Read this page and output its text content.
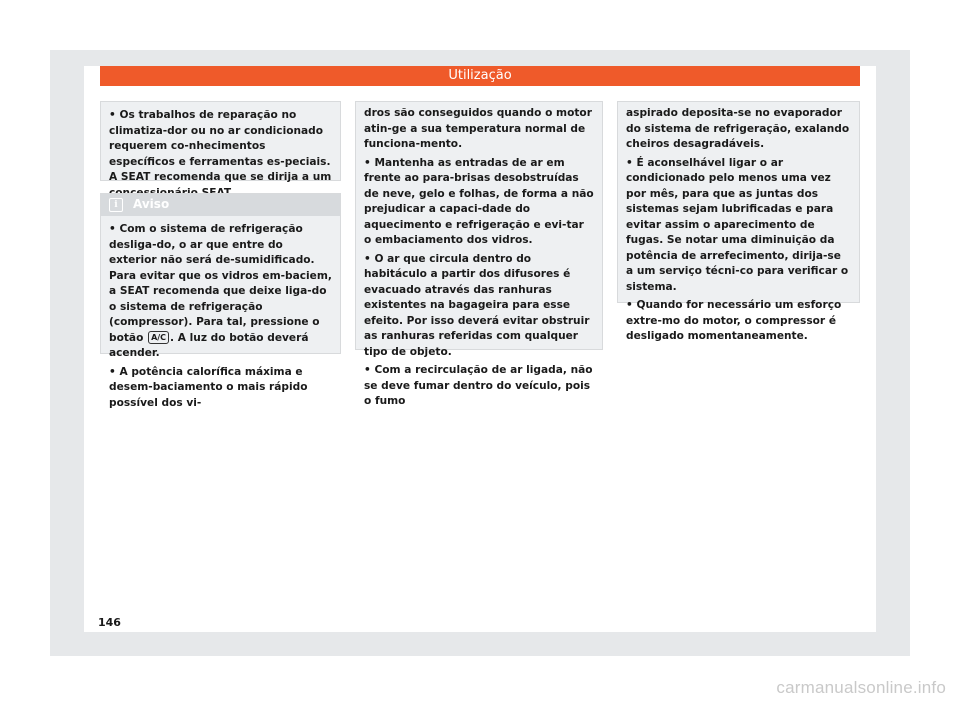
Utilização

• Os trabalhos de reparação no climatiza-dor ou no ar condicionado requerem co-nhecimentos específicos e ferramentas es-peciais. A SEAT recomenda que se dirija a um

i	Aviso

• Com o sistema de refrigeração desliga-do, o ar que entre do exterior não será de-sumidificado. Para evitar que os vidros em-baciem, a SEAT recomenda que deixe liga-do o sistema de refrigeração (compressor). Para tal, pressione o botão A/C . A luz do botão deverá acender.

• A potência calorífica máxima e desem-baciamento o mais rápido possível dos vi-

dros são conseguidos quando o motor atin-ge a sua temperatura normal de funciona-mento.

• Mantenha as entradas de ar em frente ao para-brisas desobstruídas de neve, gelo e folhas, de forma a não prejudicar a capaci-dade do aquecimento e refrigeração e evi-tar o embaciamento dos vidros.

• O ar que circula dentro do habitáculo a partir dos difusores é evacuado através das ranhuras existentes na bagageira para esse efeito. Por isso deverá evitar obstruir as ranhuras referidas com qualquer tipo de objeto.

• Com a recirculação de ar ligada, não se deve fumar dentro do veículo, pois o fumo

aspirado deposita-se no evaporador do sistema de refrigeração, exalando cheiros desagradáveis.

• É aconselhável ligar o ar condicionado pelo menos uma vez por mês, para que as juntas dos sistemas sejam lubrificadas e para evitar assim o aparecimento de fugas. Se notar uma diminuição da potência de arrefecimento, dirija-se a um serviço técni-co para verificar o sistema.

• Quando for necessário um esforço extre-mo do motor, o compressor é desligado momentaneamente.

146
carmanualsonline.info
